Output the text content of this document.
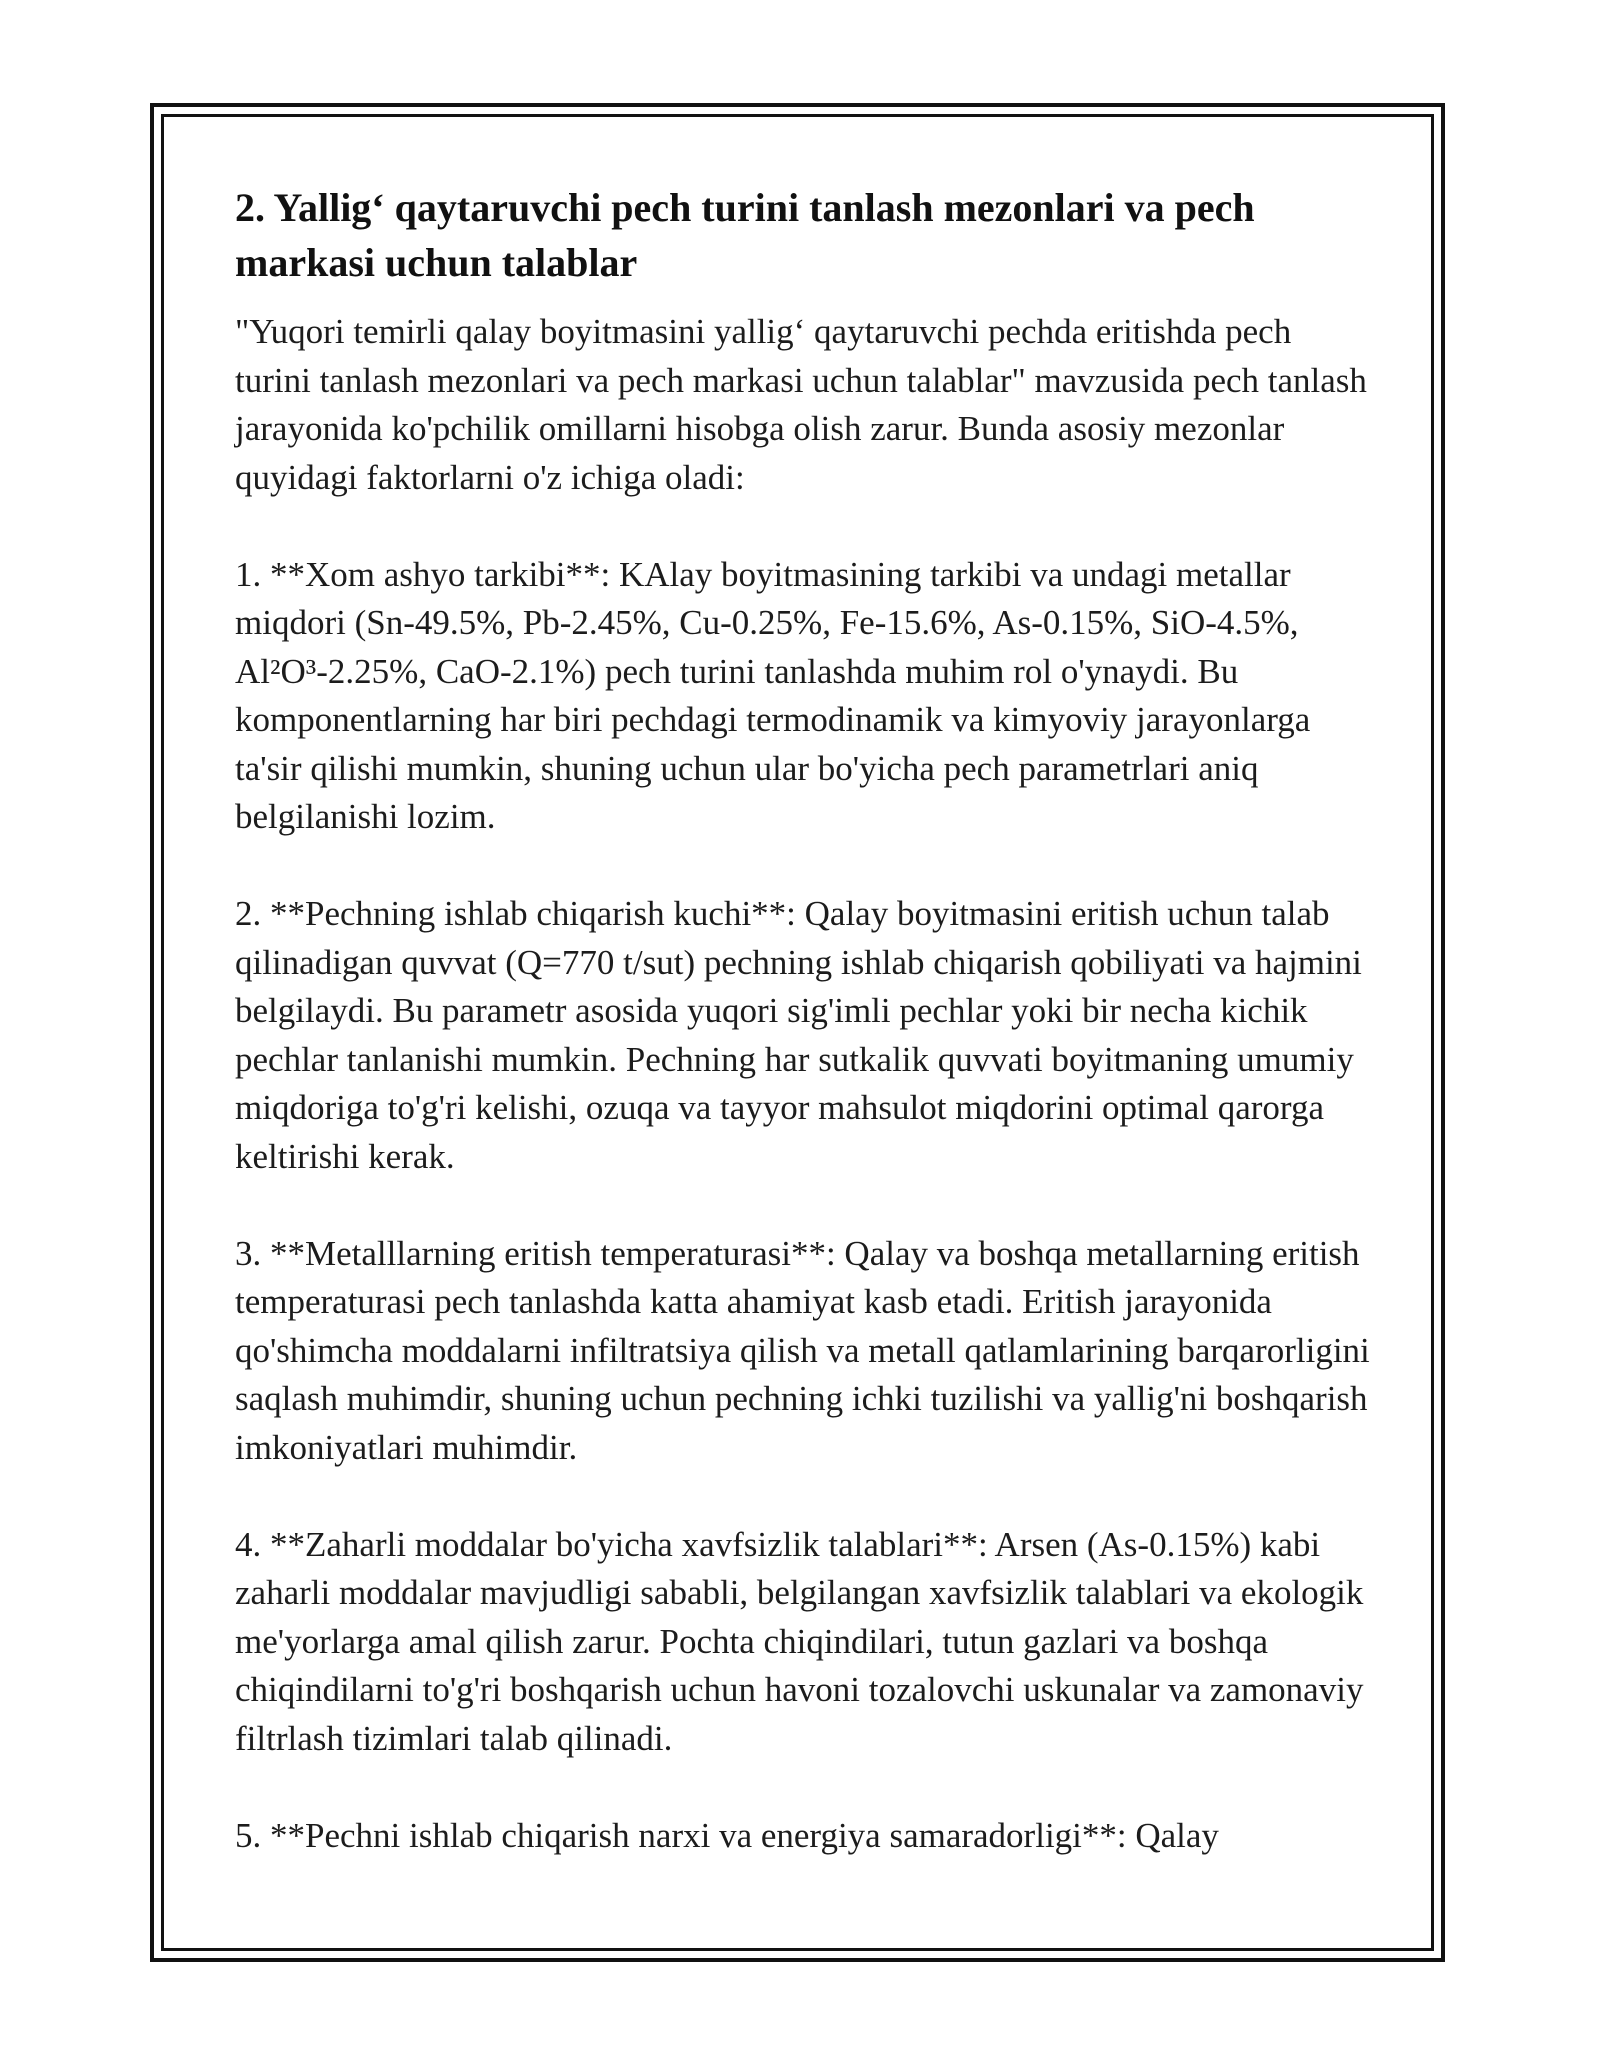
2. Yallig‘ qaytaruvchi pech turini tanlash mezonlari va pech markasi uchun talablar

"Yuqori temirli qalay boyitmasini yallig‘ qaytaruvchi pechda eritishda pech turini tanlash mezonlari va pech markasi uchun talablar" mavzusida pech tanlash jarayonida ko'pchilik omillarni hisobga olish zarur. Bunda asosiy mezonlar quyidagi faktorlarni o'z ichiga oladi:

1. **Xom ashyo tarkibi**: KAlay boyitmasining tarkibi va undagi metallar miqdori (Sn-49.5%, Pb-2.45%, Cu-0.25%, Fe-15.6%, As-0.15%, SiO-4.5%, Al²O³-2.25%, CaO-2.1%) pech turini tanlashda muhim rol o'ynaydi. Bu komponentlarning har biri pechdagi termodinamik va kimyoviy jarayonlarga ta'sir qilishi mumkin, shuning uchun ular bo'yicha pech parametrlari aniq belgilanishi lozim.

2. **Pechning ishlab chiqarish kuchi**: Qalay boyitmasini eritish uchun talab qilinadigan quvvat (Q=770 t/sut) pechning ishlab chiqarish qobiliyati va hajmini belgilaydi. Bu parametr asosida yuqori sig'imli pechlar yoki bir necha kichik pechlar tanlanishi mumkin. Pechning har sutkalik quvvati boyitmaning umumiy miqdoriga to'g'ri kelishi, ozuqa va tayyor mahsulot miqdorini optimal qarorga keltirishi kerak.

3. **Metalllarning eritish temperaturasi**: Qalay va boshqa metallarning eritish temperaturasi pech tanlashda katta ahamiyat kasb etadi. Eritish jarayonida qo'shimcha moddalarni infiltratsiya qilish va metall qatlamlarining barqarorligini saqlash muhimdir, shuning uchun pechning ichki tuzilishi va yallig'ni boshqarish imkoniyatlari muhimdir.

4. **Zaharli moddalar bo'yicha xavfsizlik talablari**: Arsen (As-0.15%) kabi zaharli moddalar mavjudligi sababli, belgilangan xavfsizlik talablari va ekologik me'yorlarga amal qilish zarur. Pochta chiqindilari, tutun gazlari va boshqa chiqindilarni to'g'ri boshqarish uchun havoni tozalovchi uskunalar va zamonaviy filtrlash tizimlari talab qilinadi.

5. **Pechni ishlab chiqarish narxi va energiya samaradorligi**: Qalay
